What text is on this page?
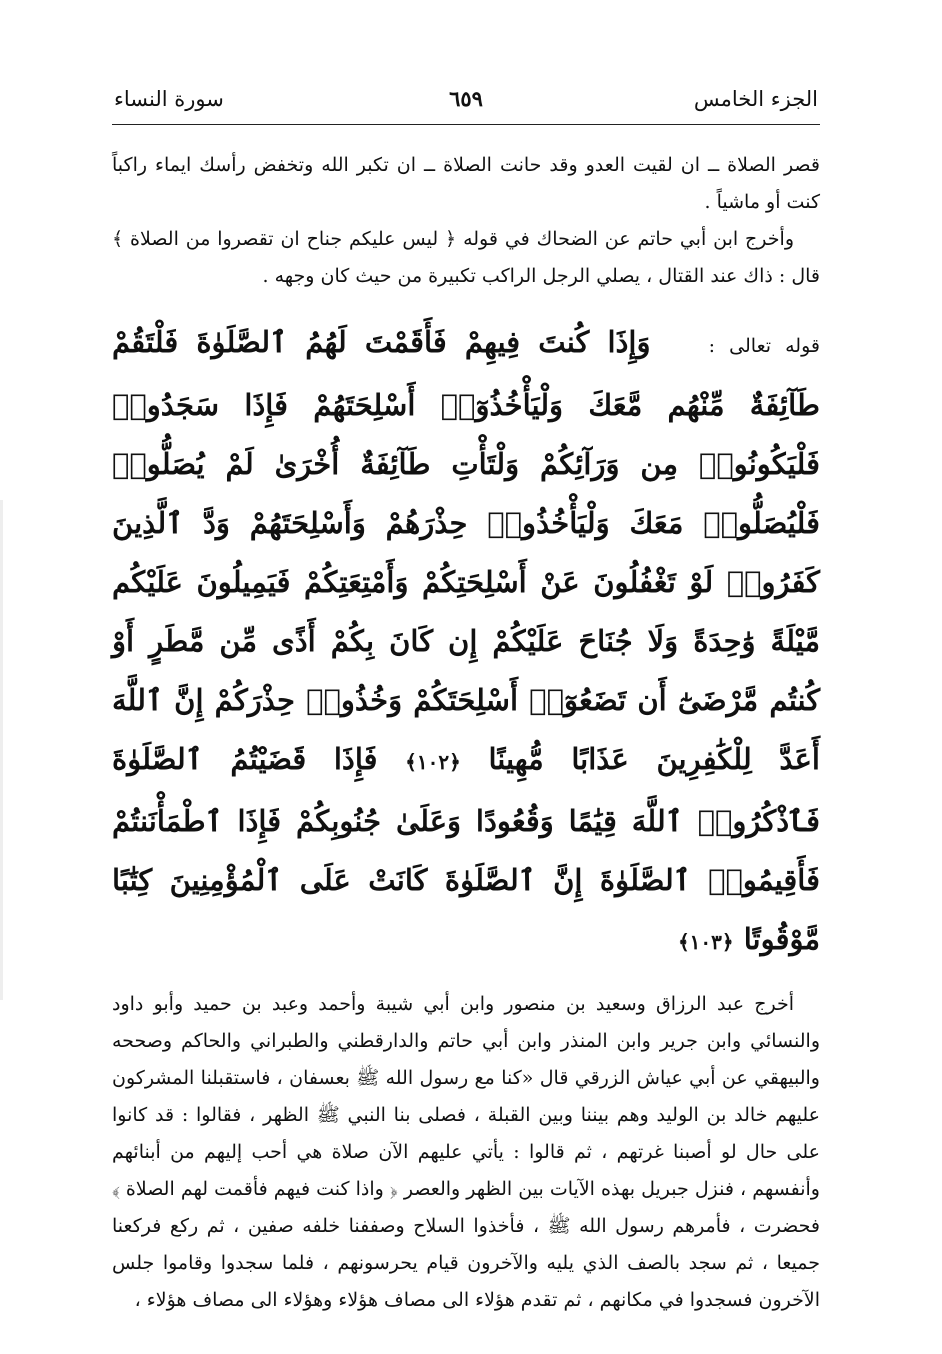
الجزء الخامس
٦٥٩
سورة النساء

قصر الصلاة ــ ان لقيت العدو وقد حانت الصلاة ــ ان تكبر الله وتخفض رأسك ايماء راكباً كنت أو ماشياً .

وأخرج ابن أبي حاتم عن الضحاك في قوله ﴿ ليس عليكم جناح ان تقصروا من الصلاة ﴾ قال : ذاك عند القتال ، يصلي الرجل الراكب تكبيرة من حيث كان وجهه .

قوله تعالى : وَإِذَا كُنتَ فِيهِمْ فَأَقَمْتَ لَهُمُ ٱلصَّلَوٰةَ فَلْتَقُمْ طَآئِفَةٌ مِّنْهُم مَّعَكَ وَلْيَأْخُذُوٓا۟ أَسْلِحَتَهُمْ فَإِذَا سَجَدُوا۟ فَلْيَكُونُوا۟ مِن وَرَآئِكُمْ وَلْتَأْتِ طَآئِفَةٌ أُخْرَىٰ لَمْ يُصَلُّوا۟ فَلْيُصَلُّوا۟ مَعَكَ وَلْيَأْخُذُوا۟ حِذْرَهُمْ وَأَسْلِحَتَهُمْ وَدَّ ٱلَّذِينَ كَفَرُوا۟ لَوْ تَغْفُلُونَ عَنْ أَسْلِحَتِكُمْ وَأَمْتِعَتِكُمْ فَيَمِيلُونَ عَلَيْكُم مَّيْلَةً وَٰحِدَةً وَلَا جُنَاحَ عَلَيْكُمْ إِن كَانَ بِكُمْ أَذًى مِّن مَّطَرٍ أَوْ كُنتُم مَّرْضَىٰٓ أَن تَضَعُوٓا۟ أَسْلِحَتَكُمْ وَخُذُوا۟ حِذْرَكُمْ إِنَّ ٱللَّهَ أَعَدَّ لِلْكَٰفِرِينَ عَذَابًا مُّهِينًا ﴿١٠٢﴾ فَإِذَا قَضَيْتُمُ ٱلصَّلَوٰةَ فَٱذْكُرُوا۟ ٱللَّهَ قِيَٰمًا وَقُعُودًا وَعَلَىٰ جُنُوبِكُمْ فَإِذَا ٱطْمَأْنَنتُمْ فَأَقِيمُوا۟ ٱلصَّلَوٰةَ إِنَّ ٱلصَّلَوٰةَ كَانَتْ عَلَى ٱلْمُؤْمِنِينَ كِتَٰبًا مَّوْقُوتًا ﴿١٠٣﴾

أخرج عبد الرزاق وسعيد بن منصور وابن أبي شيبة وأحمد وعبد بن حميد وأبو داود والنسائي وابن جرير وابن المنذر وابن أبي حاتم والدارقطني والطبراني والحاكم وصححه والبيهقي عن أبي عياش الزرقي قال «كنا مع رسول الله ﷺ بعسفان ، فاستقبلنا المشركون عليهم خالد بن الوليد وهم بيننا وبين القبلة ، فصلى بنا النبي ﷺ الظهر ، فقالوا : قد كانوا على حال لو أصبنا غرتهم ، ثم قالوا : يأتي عليهم الآن صلاة هي أحب إليهم من أبنائهم وأنفسهم ، فنزل جبريل بهذه الآيات بين الظهر والعصر ﴿ واذا كنت فيهم فأقمت لهم الصلاة ﴾ فحضرت ، فأمرهم رسول الله ﷺ ، فأخذوا السلاح وصففنا خلفه صفين ، ثم ركع فركعنا جميعا ، ثم سجد بالصف الذي يليه والآخرون قيام يحرسونهم ، فلما سجدوا وقاموا جلس الآخرون فسجدوا في مكانهم ، ثم تقدم هؤلاء الى مصاف هؤلاء وهؤلاء الى مصاف هؤلاء ،
